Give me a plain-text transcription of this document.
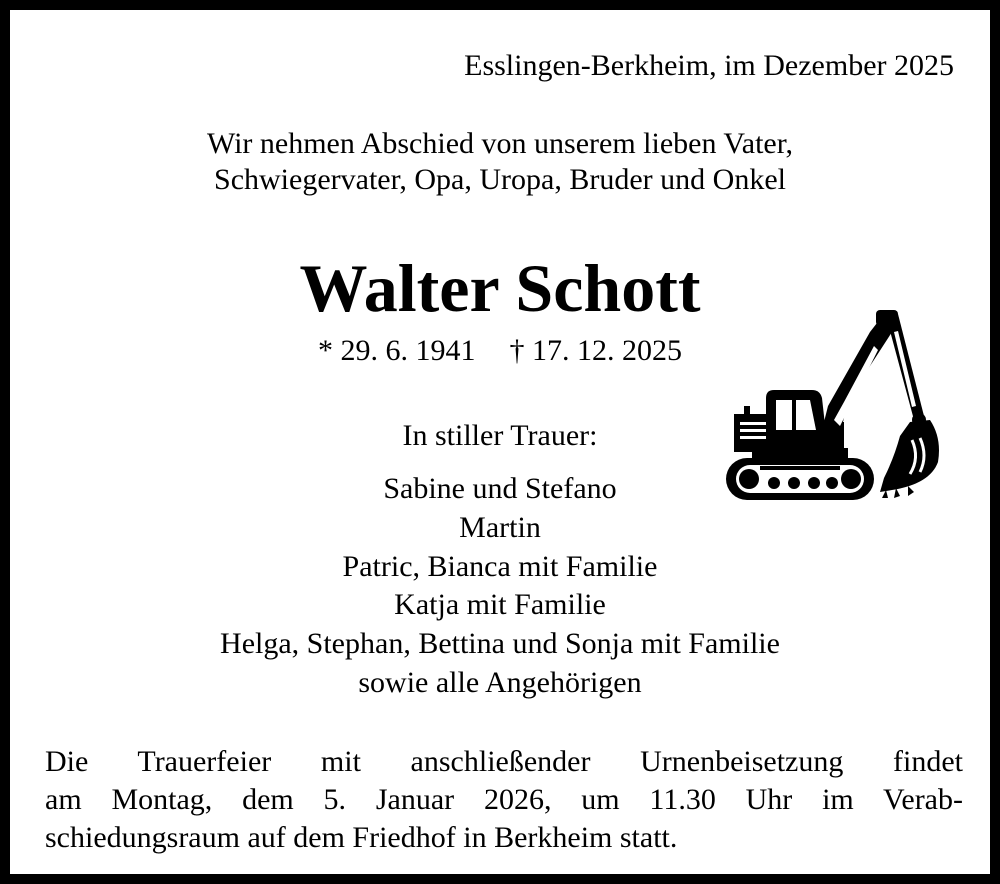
Esslingen-Berkheim, im Dezember 2025
Wir nehmen Abschied von unserem lieben Vater,
Schwiegervater, Opa, Uropa, Bruder und Onkel
Walter Schott
* 29. 6. 1941 † 17. 12. 2025
In stiller Trauer:
Sabine und Stefano
Martin
Patric, Bianca mit Familie
Katja mit Familie
Helga, Stephan, Bettina und Sonja mit Familie
sowie alle Angehörigen
Die Trauerfeier mit anschließender Urnenbeisetzung findet
am Montag, dem 5. Januar 2026, um 11.30 Uhr im Verab-
schiedungsraum auf dem Friedhof in Berkheim statt.
